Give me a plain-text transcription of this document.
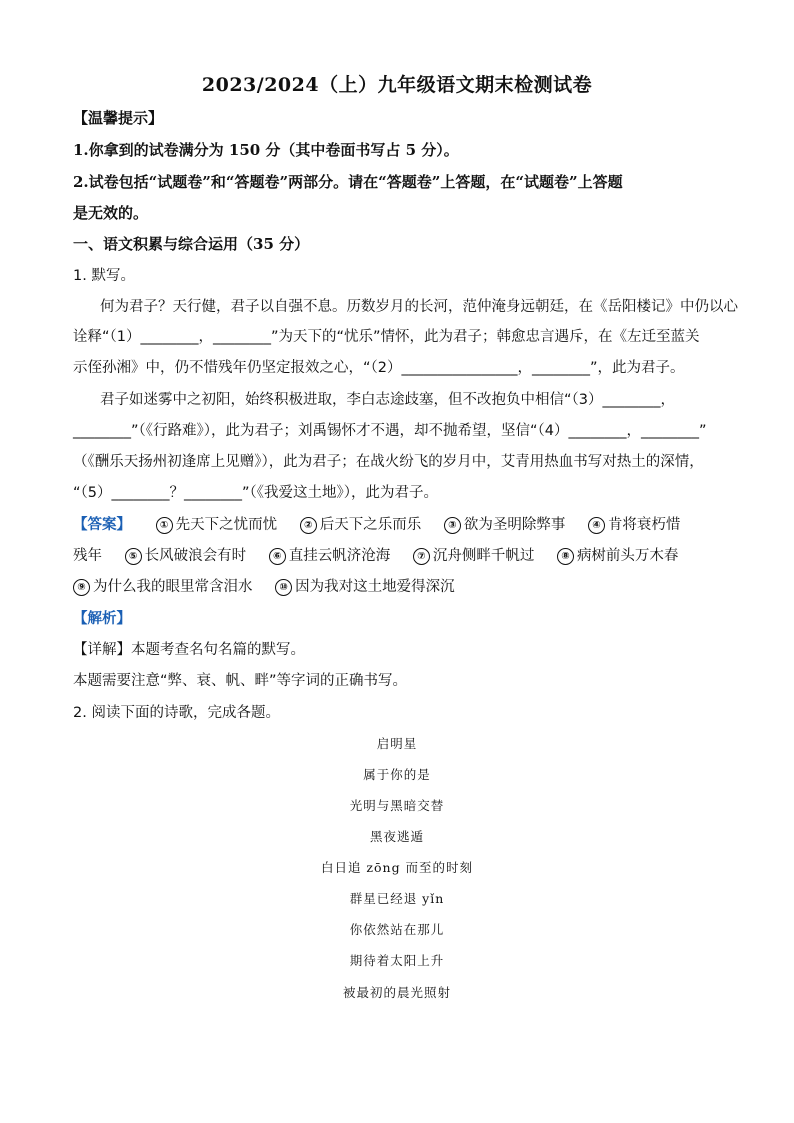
2023/2024（上）九年级语文期末检测试卷
【温馨提示】
1.你拿到的试卷满分为 150 分（其中卷面书写占 5 分）。
2.试卷包括“试题卷”和“答题卷”两部分。请在“答题卷”上答题，在“试题卷”上答题
是无效的。
一、语文积累与综合运用（35 分）
1. 默写。
何为君子？天行健，君子以自强不息。历数岁月的长河，范仲淹身远朝廷，在《岳阳楼记》中仍以心
诠释“（1）________，________”为天下的“忧乐”情怀，此为君子；韩愈忠言遇斥，在《左迁至蓝关
示侄孙湘》中，仍不惜残年仍坚定报效之心，“（2）________________，________”，此为君子。
君子如迷雾中之初阳，始终积极进取，李白志途歧塞，但不改抱负中相信“（3）________，
________”（《行路难》），此为君子；刘禹锡怀才不遇，却不抛希望，坚信“（4）________，________”
（《酬乐天扬州初逢席上见赠》），此为君子；在战火纷飞的岁月中，艾青用热血书写对热土的深情，
“（5）________？________”（《我爱这土地》），此为君子。
【答案】	① 先天下之忧而忧	② 后天下之乐而乐	③ 欲为圣明除弊事	④ 肯将衰朽惜
残年	⑤ 长风破浪会有时	⑥ 直挂云帆济沧海	⑦ 沉舟侧畔千帆过	⑧ 病树前头万木春
⑨ 为什么我的眼里常含泪水	⑩ 因为我对这土地爱得深沉
【解析】
【详解】本题考查名句名篇的默写。
本题需要注意“弊、衰、帆、畔”等字词的正确书写。
2. 阅读下面的诗歌，完成各题。
启明星
属于你的是
光明与黑暗交替
黑夜逃遁
白日追 zōng 而至的时刻
群星已经退 yǐn
你依然站在那儿
期待着太阳上升
被最初的晨光照射
